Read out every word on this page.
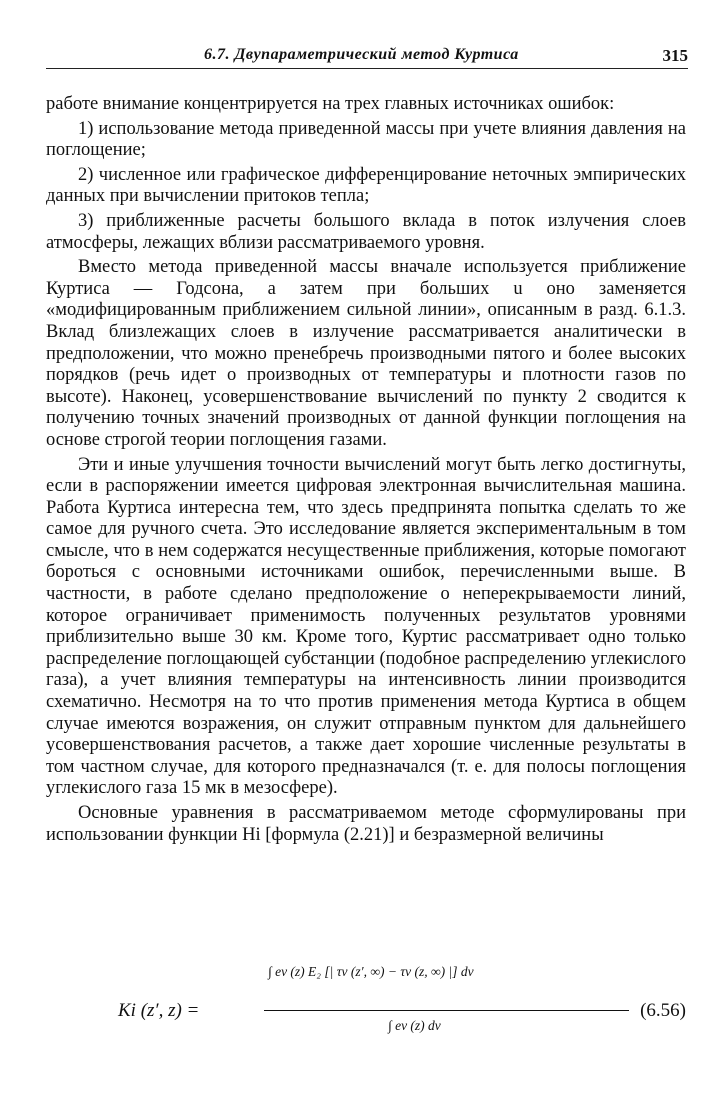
6.7. Двупараметрический метод Куртиса	315

работе внимание концентрируется на трех главных источниках ошибок:

1) использование метода приведенной массы при учете влияния давления на поглощение;

2) численное или графическое дифференцирование неточных эмпирических данных при вычислении притоков тепла;

3) приближенные расчеты большого вклада в поток излучения слоев атмосферы, лежащих вблизи рассматриваемого уровня.

Вместо метода приведенной массы вначале используется приближение Куртиса — Годсона, а затем при больших u оно заменяется «модифицированным приближением сильной линии», описанным в разд. 6.1.3. Вклад близлежащих слоев в излучение рассматривается аналитически в предположении, что можно пренебречь производными пятого и более высоких порядков (речь идет о производных от температуры и плотности газов по высоте). Наконец, усовершенствование вычислений по пункту 2 сводится к получению точных значений производных от данной функции поглощения на основе строгой теории поглощения газами.

Эти и иные улучшения точности вычислений могут быть легко достигнуты, если в распоряжении имеется цифровая электронная вычислительная машина. Работа Куртиса интересна тем, что здесь предпринята попытка сделать то же самое для ручного счета. Это исследование является экспериментальным в том смысле, что в нем содержатся несущественные приближения, которые помогают бороться с основными источниками ошибок, перечисленными выше. В частности, в работе сделано предположение о неперекрываемости линий, которое ограничивает применимость полученных результатов уровнями приблизительно выше 30 км. Кроме того, Куртис рассматривает одно только распределение поглощающей субстанции (подобное распределению углекислого газа), а учет влияния температуры на интенсивность линии производится схематично. Несмотря на то что против применения метода Куртиса в общем случае имеются возражения, он служит отправным пунктом для дальнейшего усовершенствования расчетов, а также дает хорошие численные результаты в том частном случае, для которого предназначался (т. е. для полосы поглощения углекислого газа 15 мк в мезосфере).

Основные уравнения в рассматриваемом методе сформулированы при использовании функции Hi [формула (2.21)] и безразмерной величины

Ki (z′, z) =
∫ eν (z) E₂ [| τν (z′, ∞) − τν (z, ∞) |] dν
∫ eν (z) dν
(6.56)
